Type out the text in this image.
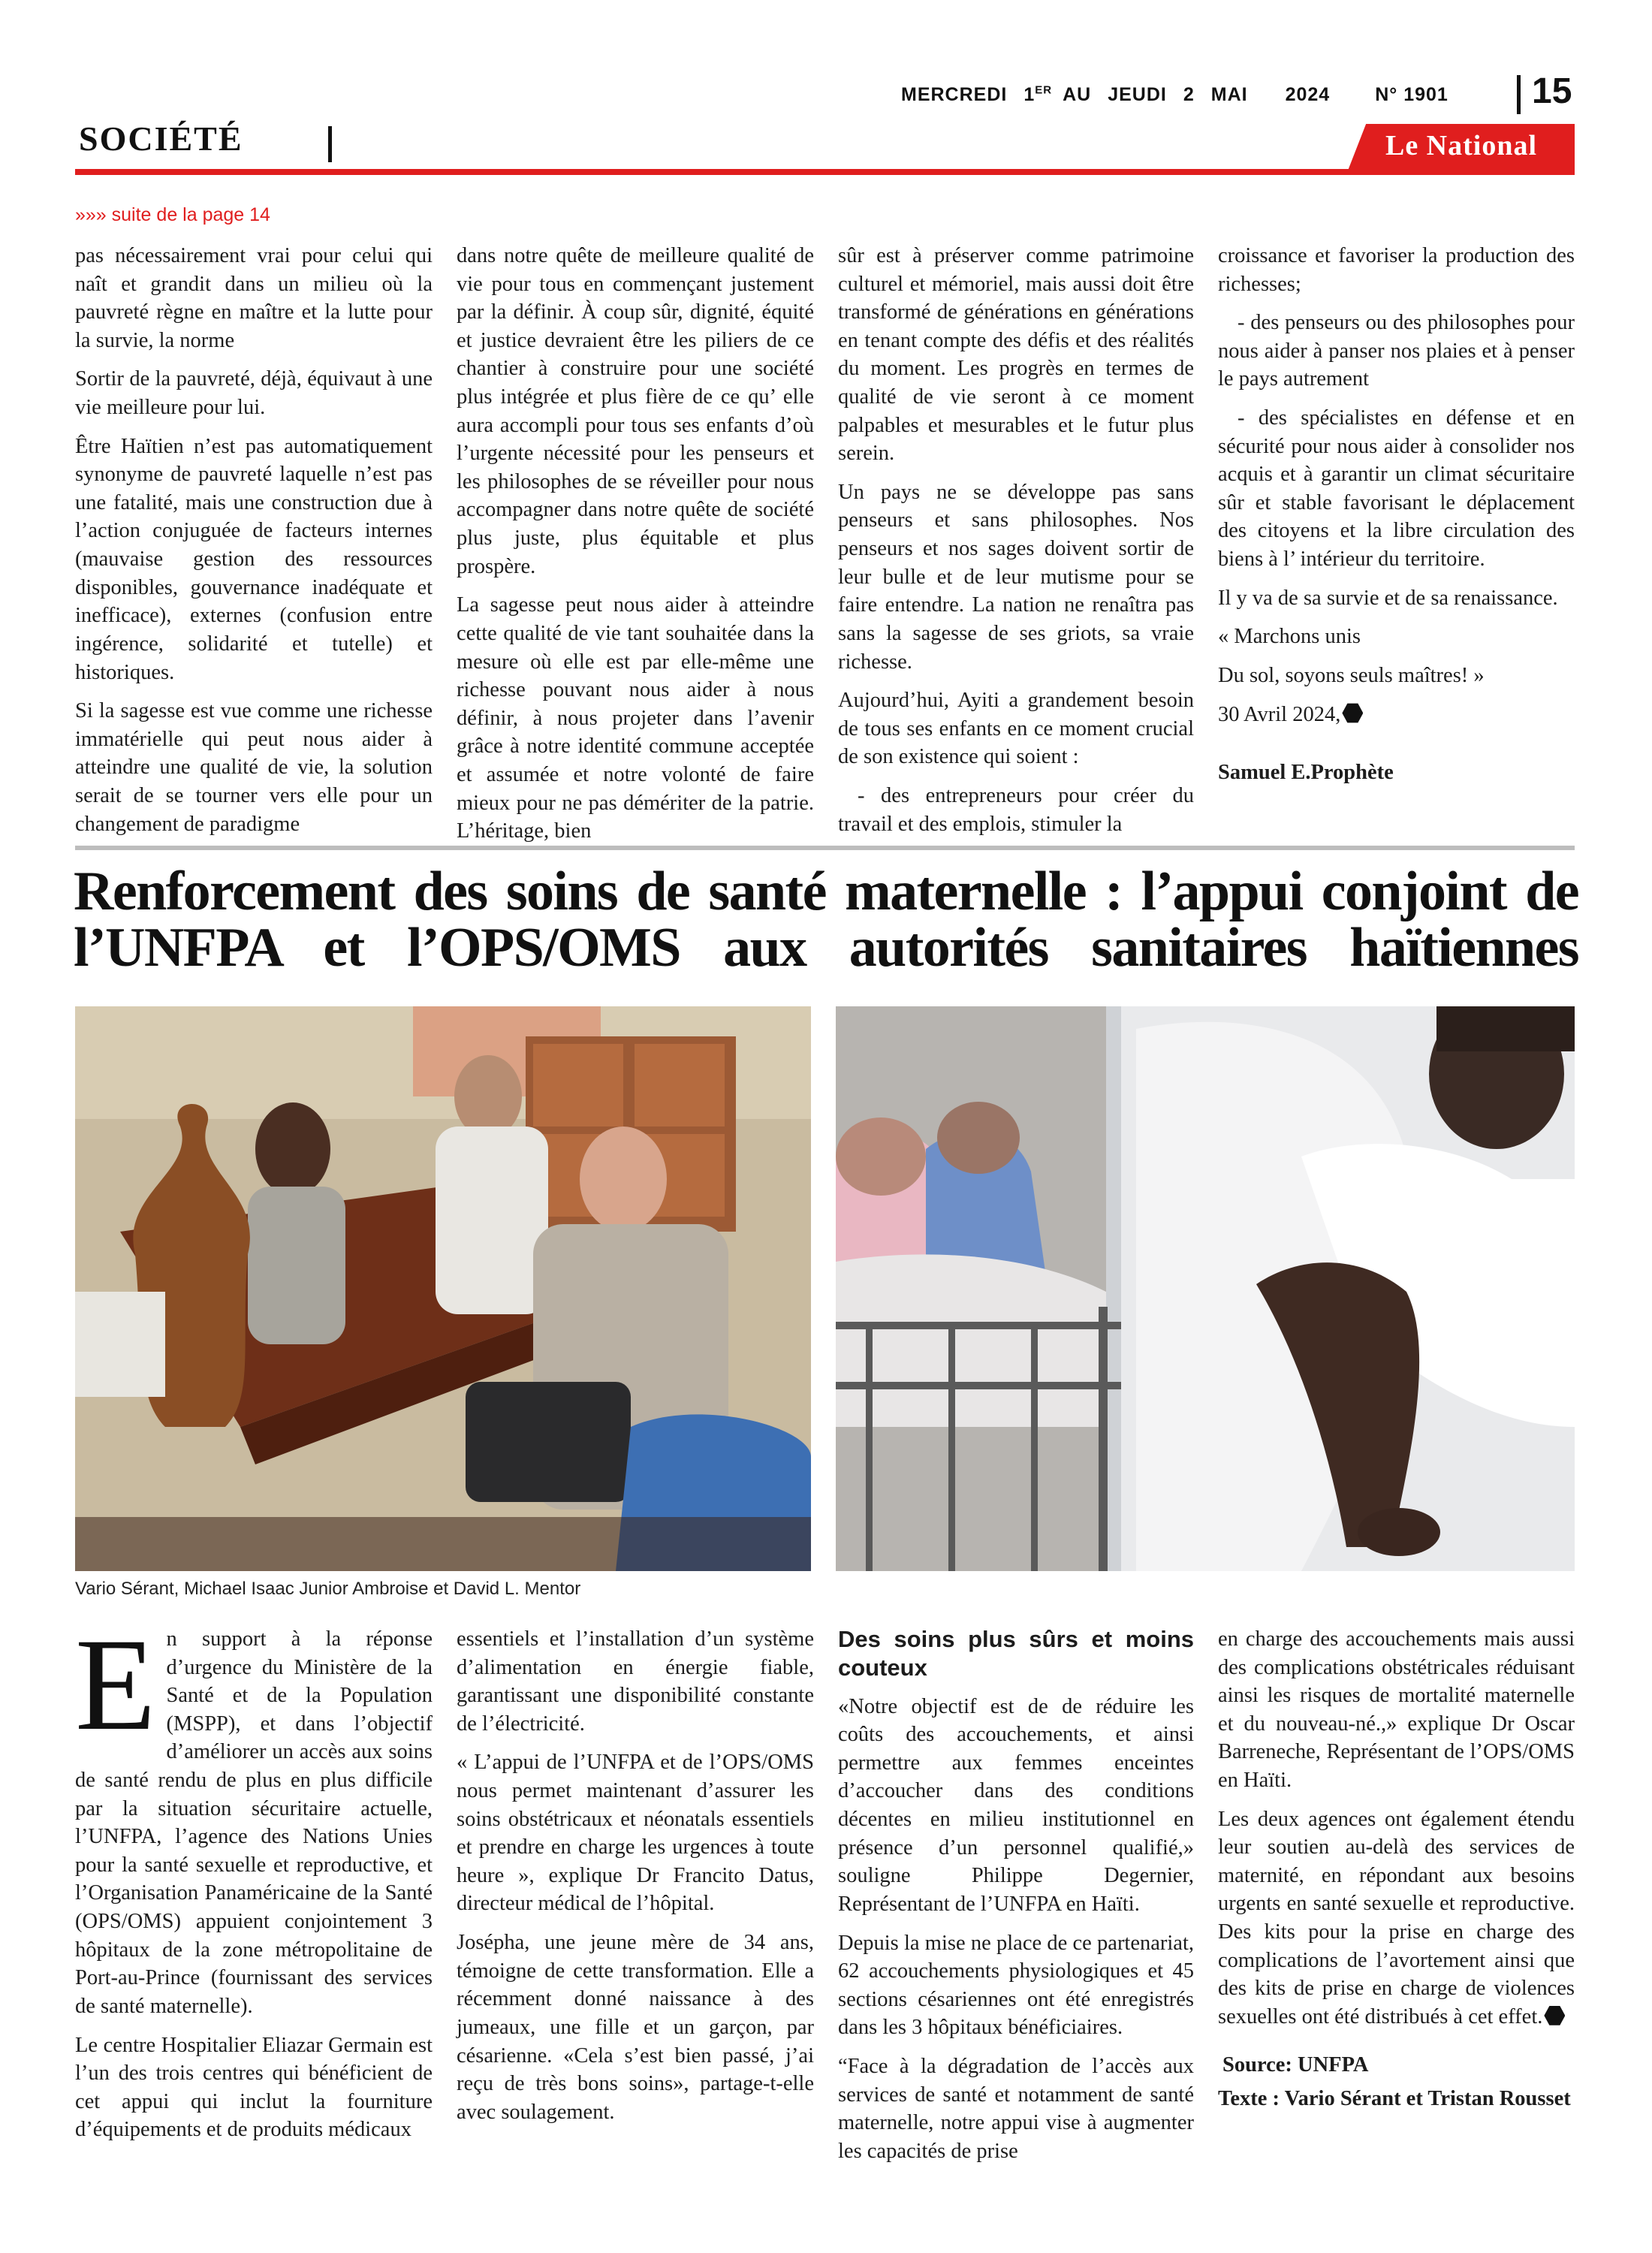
MERCREDI 1ER AU JEUDI 2 MAI 2024 N° 1901	15
SOCIÉTÉ	Le National
»»» suite de la page 14

pas nécessairement vrai pour celui qui naît et grandit dans un milieu où la pauvreté règne en maître et la lutte pour la survie, la norme

Sortir de la pauvreté, déjà, équivaut à une vie meilleure pour lui.

Être Haïtien n’est pas automatiquement synonyme de pauvreté laquelle n’est pas une fatalité, mais une construction due à l’action conjuguée de facteurs internes (mauvaise gestion des ressources disponibles, gouvernance inadéquate et inefficace), externes (confusion entre ingérence, solidarité et tutelle) et historiques.

Si la sagesse est vue comme une richesse immatérielle qui peut nous aider à atteindre une qualité de vie, la solution serait de se tourner vers elle pour un changement de paradigme

dans notre quête de meilleure qualité de vie pour tous en commençant justement par la définir. À coup sûr, dignité, équité et justice devraient être les piliers de ce chantier à construire pour une société plus intégrée et plus fière de ce qu’ elle aura accompli pour tous ses enfants d’où l’urgente nécessité pour les penseurs et les philosophes de se réveiller pour nous accompagner dans notre quête de société plus juste, plus équitable et plus prospère.

La sagesse peut nous aider à atteindre cette qualité de vie tant souhaitée dans la mesure où elle est par elle-même une richesse pouvant nous aider à nous définir, à nous projeter dans l’avenir grâce à notre identité commune acceptée et assumée et notre volonté de faire mieux pour ne pas démériter de la patrie. L’héritage, bien

sûr est à préserver comme patrimoine culturel et mémoriel, mais aussi doit être transformé de générations en générations en tenant compte des défis et des réalités du moment. Les progrès en termes de qualité de vie seront à ce moment palpables et mesurables et le futur plus serein.

Un pays ne se développe pas sans penseurs et sans philosophes. Nos penseurs et nos sages doivent sortir de leur bulle et de leur mutisme pour se faire entendre. La nation ne renaîtra pas sans la sagesse de ses griots, sa vraie richesse.

Aujourd’hui, Ayiti a grandement besoin de tous ses enfants en ce moment crucial de son existence qui soient :

- des entrepreneurs pour créer du travail et des emplois, stimuler la

croissance et favoriser la production des richesses;

- des penseurs ou des philosophes pour nous aider à panser nos plaies et à penser le pays autrement

- des spécialistes en défense et en sécurité pour nous aider à consolider nos acquis et à garantir un climat sécuritaire sûr et stable favorisant le déplacement des citoyens et la libre circulation des biens à l’ intérieur du territoire.

Il y va de sa survie et de sa renaissance.

« Marchons unis

Du sol, soyons seuls maîtres! »

30 Avril 2024,

Samuel E.Prophète

Renforcement des soins de santé maternelle : l’appui conjoint de l’UNFPA et l’OPS/OMS aux autorités sanitaires haïtiennes
Vario Sérant, Michael Isaac Junior Ambroise et David L. Mentor

En support à la réponse d’urgence du Ministère de la Santé et de la Population (MSPP), et dans l’objectif d’améliorer un accès aux soins de santé rendu de plus en plus difficile par la situation sécuritaire actuelle, l’UNFPA, l’agence des Nations Unies pour la santé sexuelle et reproductive, et l’Organisation Panaméricaine de la Santé (OPS/OMS) appuient conjointement 3 hôpitaux de la zone métropolitaine de Port-au-Prince (fournissant des services de santé maternelle).

Le centre Hospitalier Eliazar Germain est l’un des trois centres qui bénéficient de cet appui qui inclut la fourniture d’équipements et de produits médicaux

essentiels et l’installation d’un système d’alimentation en énergie fiable, garantissant une disponibilité constante de l’électricité.

« L’appui de l’UNFPA et de l’OPS/OMS nous permet maintenant d’assurer les soins obstétricaux et néonatals essentiels et prendre en charge les urgences à toute heure », explique Dr Francito Datus, directeur médical de l’hôpital.

Josépha, une jeune mère de 34 ans, témoigne de cette transformation. Elle a récemment donné naissance à des jumeaux, une fille et un garçon, par césarienne. «Cela s’est bien passé, j’ai reçu de très bons soins», partage-t-elle avec soulagement.

Des soins plus sûrs et moins couteux

«Notre objectif est de de réduire les coûts des accouchements, et ainsi permettre aux femmes enceintes d’accoucher dans des conditions décentes en milieu institutionnel en présence d’un personnel qualifié,» souligne Philippe Degernier, Représentant de l’UNFPA en Haïti.

Depuis la mise ne place de ce partenariat, 62 accouchements physiologiques et 45 sections césariennes ont été enregistrés dans les 3 hôpitaux bénéficiaires.

“Face à la dégradation de l’accès aux services de santé et notamment de santé maternelle, notre appui vise à augmenter les capacités de prise

en charge des accouchements mais aussi des complications obstétricales réduisant ainsi les risques de mortalité maternelle et du nouveau-né.,» explique Dr Oscar Barreneche, Représentant de l’OPS/OMS en Haïti.

Les deux agences ont également étendu leur soutien au-delà des services de maternité, en répondant aux besoins urgents en santé sexuelle et reproductive. Des kits pour la prise en charge des complications de l’avortement ainsi que des kits de prise en charge de violences sexuelles ont été distribués à cet effet.

Source: UNFPA

Texte : Vario Sérant et Tristan Rousset
